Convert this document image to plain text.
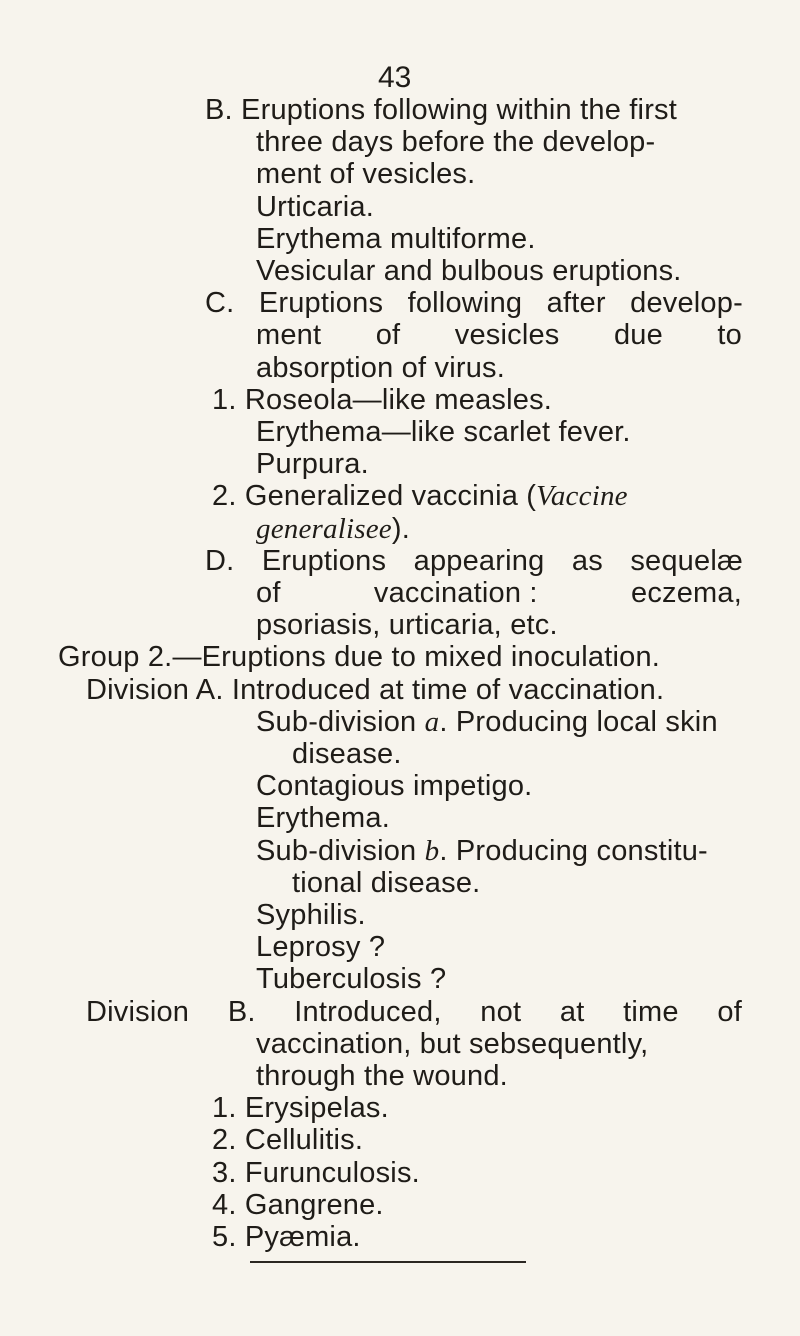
43
B. Eruptions following within the first
three days before the develop-
ment of vesicles.
Urticaria.
Erythema multiforme.
Vesicular and bulbous eruptions.
C. Eruptions following after develop-
ment of vesicles due to
absorption of virus.
1. Roseola—like measles.
Erythema—like scarlet fever.
Purpura.
2. Generalized vaccinia (Vaccine
generalisee).
D. Eruptions appearing as sequelæ
of	vaccination :	eczema,
psoriasis, urticaria, etc.
Group 2.—Eruptions due to mixed inoculation.
Division A. Introduced at time of vaccination.
Sub-division a. Producing local skin
disease.
Contagious impetigo.
Erythema.
Sub-division b. Producing constitu-
tional disease.
Syphilis.
Leprosy ?
Tuberculosis ?
Division B. Introduced, not at time of
vaccination, but sebsequently,
through the wound.
1. Erysipelas.
2. Cellulitis.
3. Furunculosis.
4. Gangrene.
5. Pyæmia.
